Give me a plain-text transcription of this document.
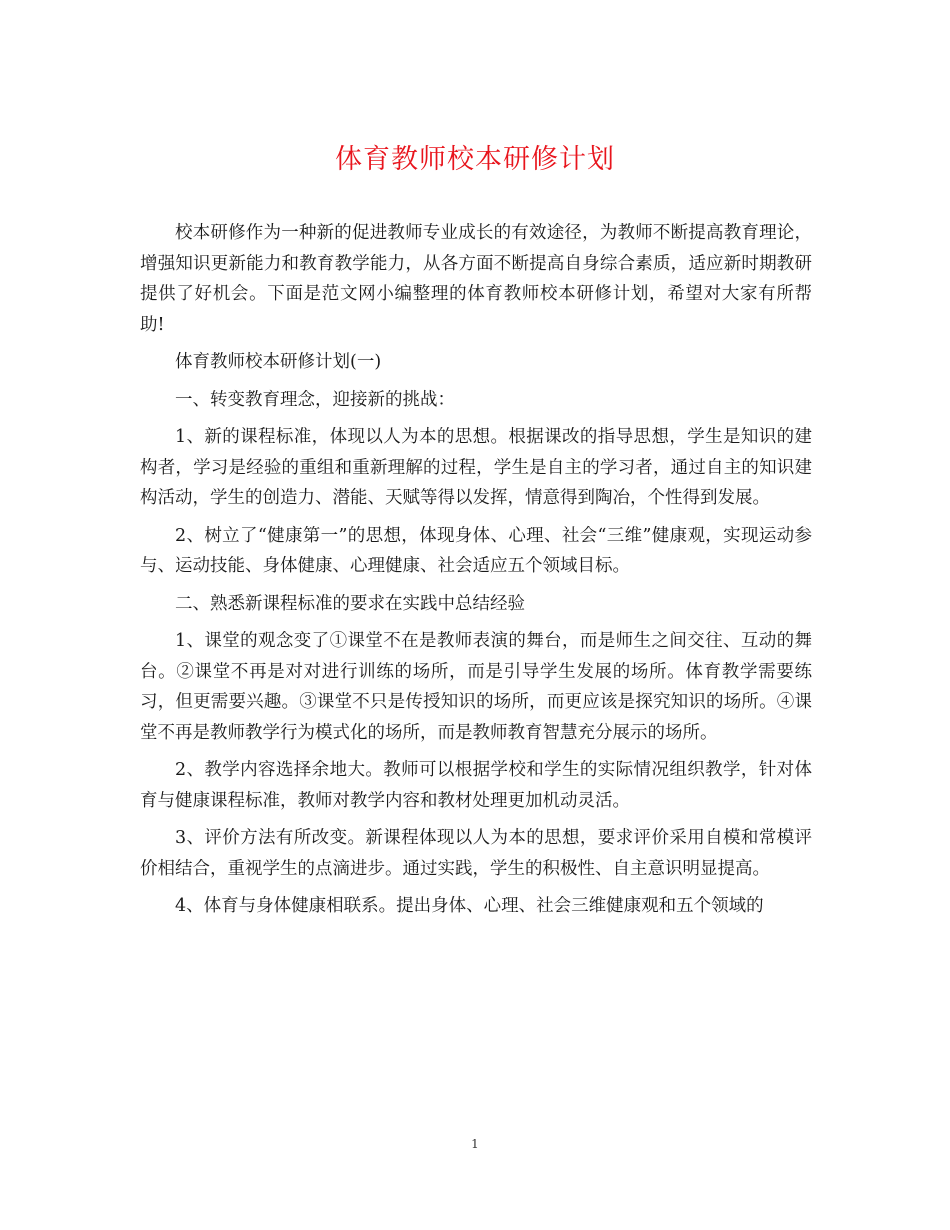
体育教师校本研修计划

校本研修作为一种新的促进教师专业成长的有效途径，为教师不断提高教育理论，增强知识更新能力和教育教学能力，从各方面不断提高自身综合素质，适应新时期教研提供了好机会。下面是范文网小编整理的体育教师校本研修计划，希望对大家有所帮助!

体育教师校本研修计划(一)

一、转变教育理念，迎接新的挑战：

1、新的课程标准，体现以人为本的思想。根据课改的指导思想，学生是知识的建构者，学习是经验的重组和重新理解的过程，学生是自主的学习者，通过自主的知识建构活动，学生的创造力、潜能、天赋等得以发挥，情意得到陶冶，个性得到发展。

2、树立了“健康第一”的思想，体现身体、心理、社会“三维”健康观，实现运动参与、运动技能、身体健康、心理健康、社会适应五个领域目标。

二、熟悉新课程标准的要求在实践中总结经验

1、课堂的观念变了①课堂不在是教师表演的舞台，而是师生之间交往、互动的舞台。②课堂不再是对对进行训练的场所，而是引导学生发展的场所。体育教学需要练习，但更需要兴趣。③课堂不只是传授知识的场所，而更应该是探究知识的场所。④课堂不再是教师教学行为模式化的场所，而是教师教育智慧充分展示的场所。

2、教学内容选择余地大。教师可以根据学校和学生的实际情况组织教学，针对体育与健康课程标准，教师对教学内容和教材处理更加机动灵活。

3、评价方法有所改变。新课程体现以人为本的思想，要求评价采用自模和常模评价相结合，重视学生的点滴进步。通过实践，学生的积极性、自主意识明显提高。

4、体育与身体健康相联系。提出身体、心理、社会三维健康观和五个领域的

1
